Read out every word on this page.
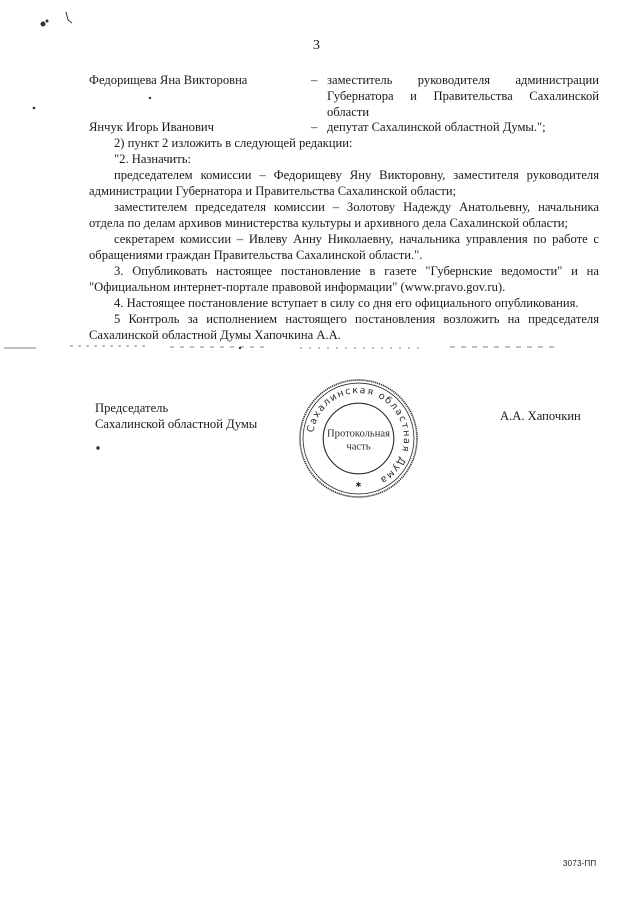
3
Федорищева Яна Викторовна	– заместитель руководителя администрации
Губернатора и Правительства Сахалинской
области
Янчук Игорь Иванович	– депутат Сахалинской областной Думы.";

2) пункт 2 изложить в следующей редакции:

"2. Назначить:

председателем комиссии – Федорищеву Яну Викторовну, заместителя руководителя администрации Губернатора и Правительства Сахалинской области;

заместителем председателя комиссии – Золотову Надежду Анатольевну, начальника отдела по делам архивов министерства культуры и архивного дела Сахалинской области;

секретарем комиссии – Ивлеву Анну Николаевну, начальника управления по работе с обращениями граждан Правительства Сахалинской области.".

3. Опубликовать настоящее постановление в газете "Губернские ведомости" и на "Официальном интернет-портале правовой информации" (www.pravo.gov.ru).

4. Настоящее постановление вступает в силу со дня его официального опубликования.

5 Контроль за исполнением настоящего постановления возложить на председателя Сахалинской областной Думы Хапочкина А.А.

Председатель
Сахалинской областной Думы
А.А. Хапочкин
Сахалинская областная Дума
Протокольная
часть
✱
3073-ПП
